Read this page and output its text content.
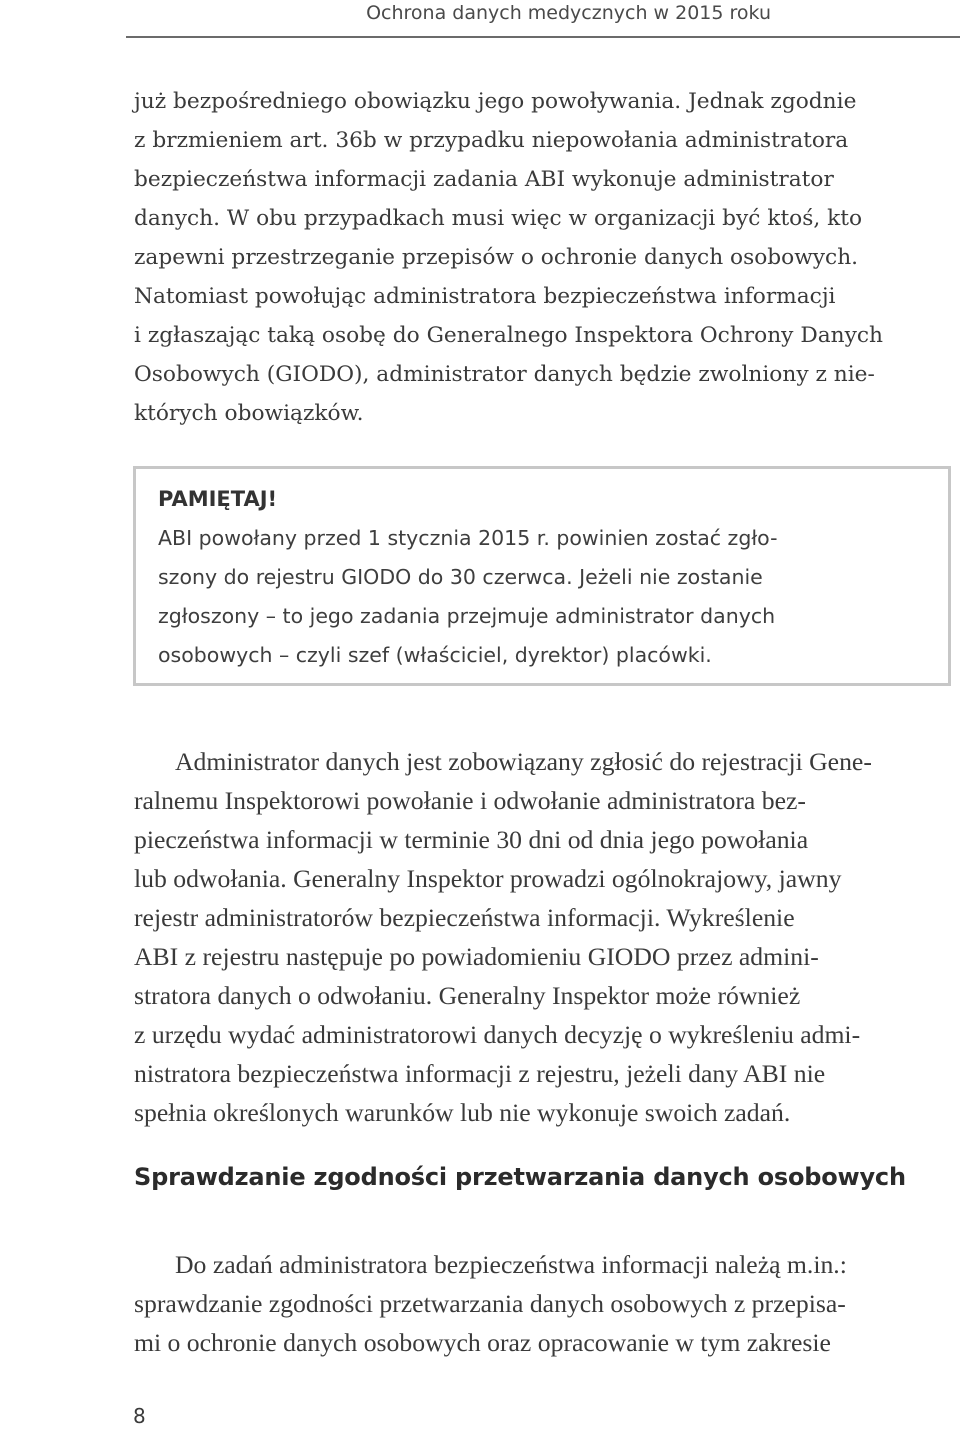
Ochrona danych medycznych w 2015 roku
już bezpośredniego obowiązku jego powoływania. Jednak zgodnie
z brzmieniem art. 36b w przypadku niepowołania administratora
bezpieczeństwa informacji zadania ABI wykonuje administrator
danych. W obu przypadkach musi więc w organizacji być ktoś, kto
zapewni przestrzeganie przepisów o ochronie danych osobowych.
Natomiast powołując administratora bezpieczeństwa informacji
i zgłaszając taką osobę do Generalnego Inspektora Ochrony Danych
Osobowych (GIODO), administrator danych będzie zwolniony z nie-
których obowiązków.
PAMIĘTAJ!
ABI powołany przed 1 stycznia 2015 r. powinien zostać zgło-
szony do rejestru GIODO do 30 czerwca. Jeżeli nie zostanie
zgłoszony – to jego zadania przejmuje administrator danych
osobowych – czyli szef (właściciel, dyrektor) placówki.
Administrator danych jest zobowiązany zgłosić do rejestracji Gene-
ralnemu Inspektorowi powołanie i odwołanie administratora bez-
pieczeństwa informacji w terminie 30 dni od dnia jego powołania
lub odwołania. Generalny Inspektor prowadzi ogólnokrajowy, jawny
rejestr administratorów bezpieczeństwa informacji. Wykreślenie
ABI z rejestru następuje po powiadomieniu GIODO przez admini-
stratora danych o odwołaniu. Generalny Inspektor może również
z urzędu wydać administratorowi danych decyzję o wykreśleniu admi-
nistratora bezpieczeństwa informacji z rejestru, jeżeli dany ABI nie
spełnia określonych warunków lub nie wykonuje swoich zadań.
Sprawdzanie zgodności przetwarzania danych osobowych
Do zadań administratora bezpieczeństwa informacji należą m.in.:
sprawdzanie zgodności przetwarzania danych osobowych z przepisa-
mi o ochronie danych osobowych oraz opracowanie w tym zakresie
8
